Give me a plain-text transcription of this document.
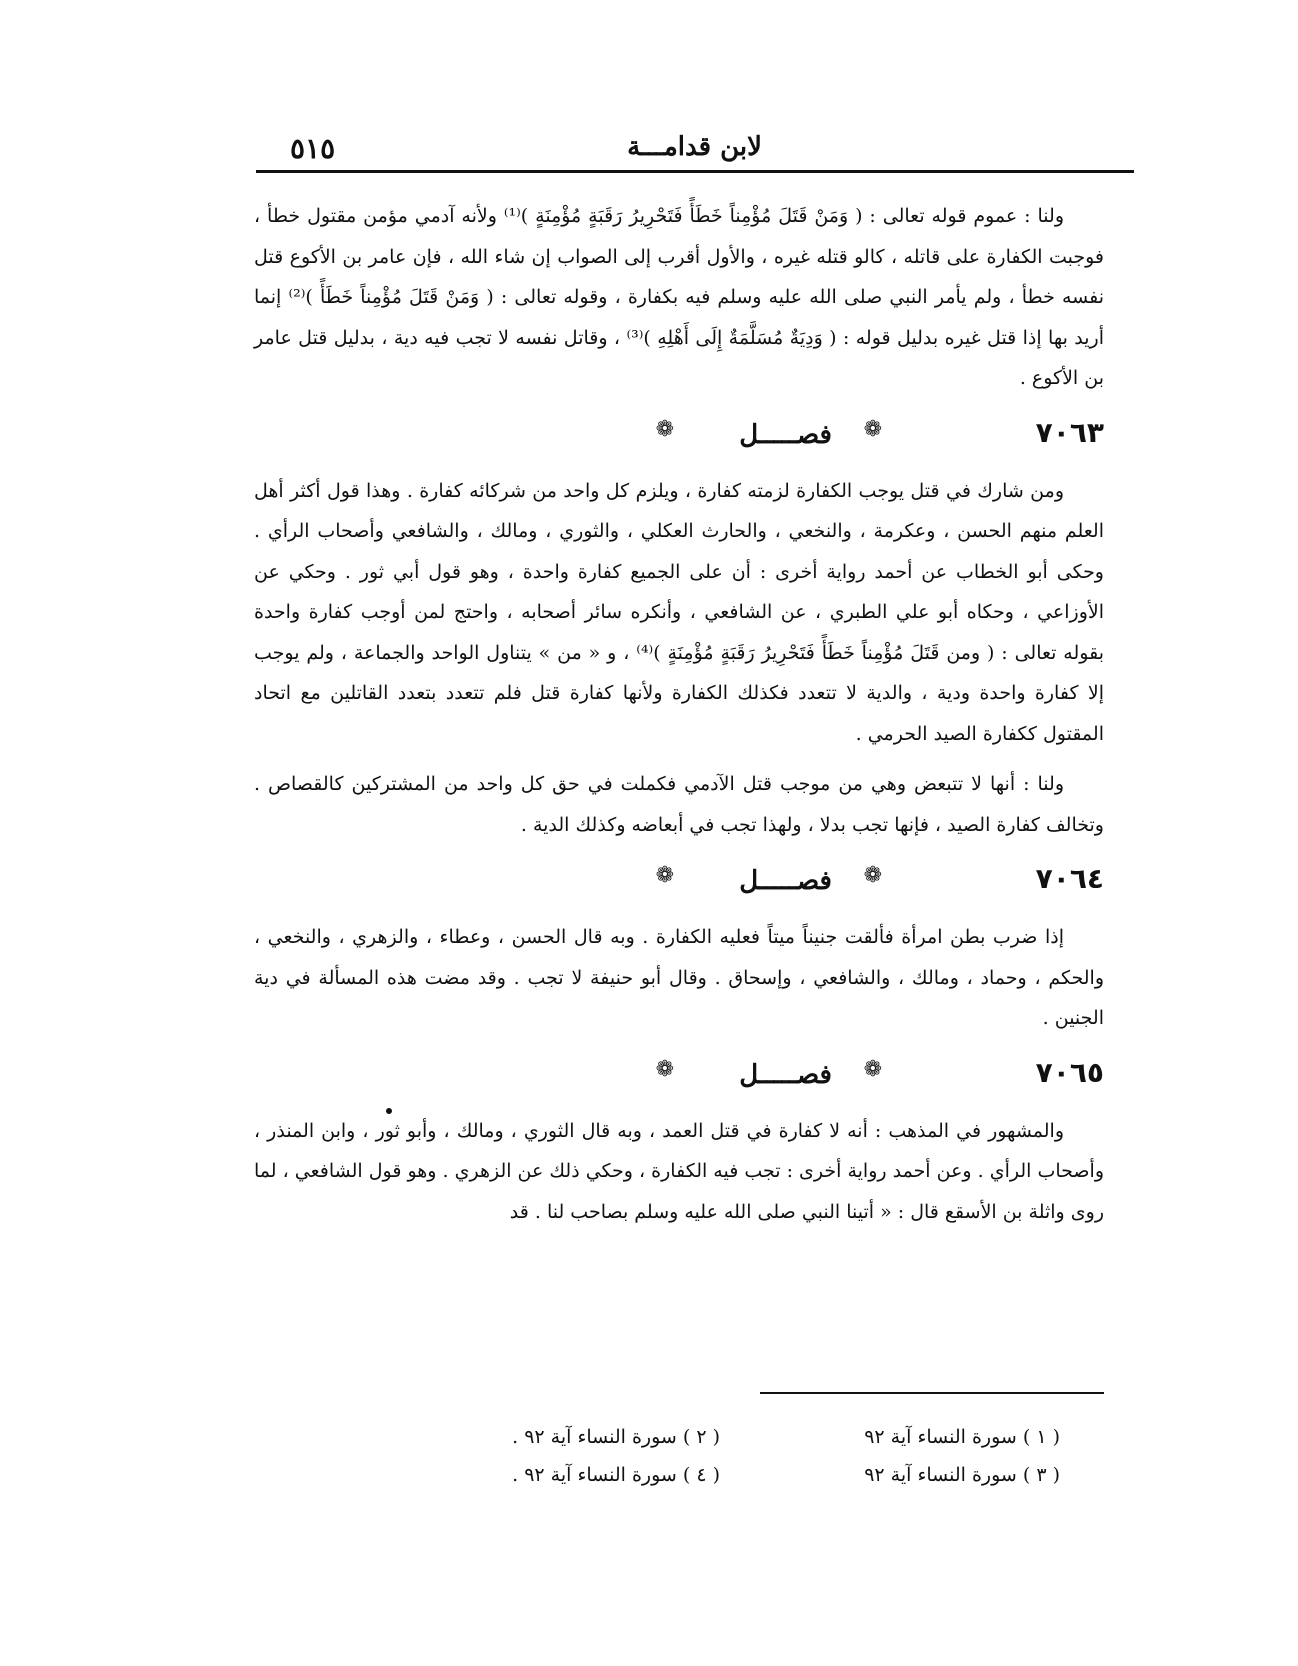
لابن قدامـــة
٥١٥

ولنا : عموم قوله تعالى : ( وَمَنْ قَتَلَ مُؤْمِناً خَطَأً فَتَحْرِيرُ رَقَبَةٍ مُؤْمِنَةٍ )⁽¹⁾ ولأنه آدمي مؤمن مقتول خطأ ، فوجبت الكفارة على قاتله ، كالو قتله غيره ، والأول أقرب إلى الصواب إن شاء الله ، فإن عامر بن الأكوع قتل نفسه خطأ ، ولم يأمر النبي صلى الله عليه وسلم فيه بكفارة ، وقوله تعالى : ( وَمَنْ قَتَلَ مُؤْمِناً خَطَأً )⁽²⁾ إنما أريد بها إذا قتل غيره بدليل قوله : ( وَدِيَةٌ مُسَلَّمَةٌ إِلَى أَهْلِهِ )⁽³⁾ ، وقاتل نفسه لا تجب فيه دية ، بدليل قتل عامر بن الأكوع .

٧٠٦٣
❁
فصـــــل
❁

ومن شارك في قتل يوجب الكفارة لزمته كفارة ، ويلزم كل واحد من شركائه كفارة . وهذا قول أكثر أهل العلم منهم الحسن ، وعكرمة ، والنخعي ، والحارث العكلي ، والثوري ، ومالك ، والشافعي وأصحاب الرأي . وحكى أبو الخطاب عن أحمد رواية أخرى : أن على الجميع كفارة واحدة ، وهو قول أبي ثور . وحكي عن الأوزاعي ، وحكاه أبو علي الطبري ، عن الشافعي ، وأنكره سائر أصحابه ، واحتج لمن أوجب كفارة واحدة بقوله تعالى : ( ومن قَتَلَ مُؤْمِناً خَطَأً فَتَحْرِيرُ رَقَبَةٍ مُؤْمِنَةٍ )⁽⁴⁾ ، و « من » يتناول الواحد والجماعة ، ولم يوجب إلا كفارة واحدة ودية ، والدية لا تتعدد فكذلك الكفارة ولأنها كفارة قتل فلم تتعدد بتعدد القاتلين مع اتحاد المقتول ككفارة الصيد الحرمي .

ولنا : أنها لا تتبعض وهي من موجب قتل الآدمي فكملت في حق كل واحد من المشتركين كالقصاص . وتخالف كفارة الصيد ، فإنها تجب بدلا ، ولهذا تجب في أبعاضه وكذلك الدية .

٧٠٦٤
❁
فصـــــل
❁

إذا ضرب بطن امرأة فألقت جنيناً ميتاً فعليه الكفارة . وبه قال الحسن ، وعطاء ، والزهري ، والنخعي ، والحكم ، وحماد ، ومالك ، والشافعي ، وإسحاق . وقال أبو حنيفة لا تجب . وقد مضت هذه المسألة في دية الجنين .

٧٠٦٥
❁
فصـــــل
❁

والمشهور في المذهب : أنه لا كفارة في قتل العمد ، وبه قال الثوري ، ومالك ، وأبو ثور ، وابن المنذر ، وأصحاب الرأي . وعن أحمد رواية أخرى : تجب فيه الكفارة ، وحكي ذلك عن الزهري . وهو قول الشافعي ، لما روى واثلة بن الأسقع قال : « أتينا النبي صلى الله عليه وسلم بصاحب لنا . قد

( ١ ) سورة النساء آية ٩٢
( ٢ ) سورة النساء آية ٩٢ .
( ٣ ) سورة النساء آية ٩٢
( ٤ ) سورة النساء آية ٩٢ .
